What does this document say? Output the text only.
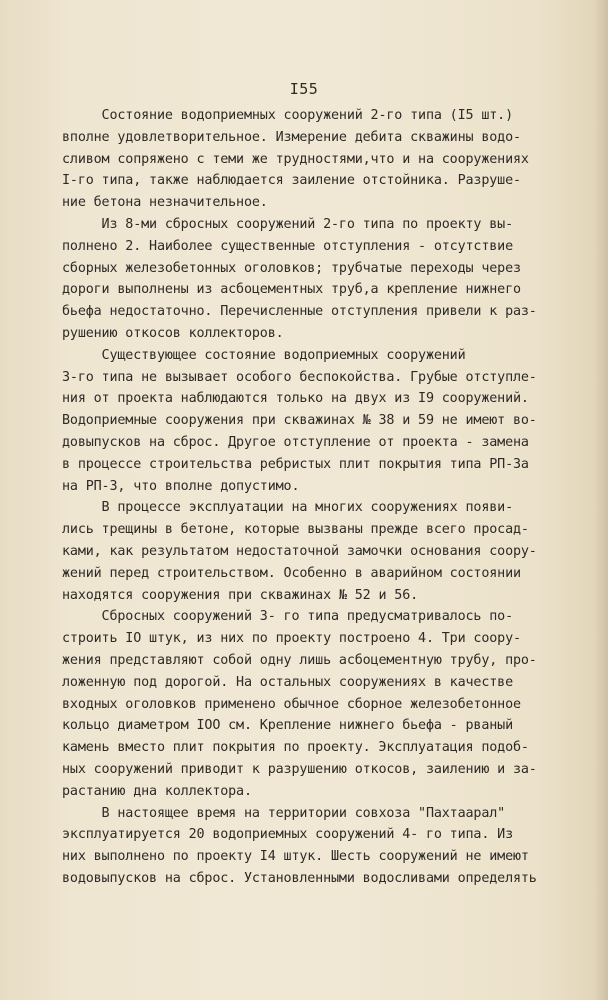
I55
Состояние водоприемных сооружений 2-го типа (I5 шт.)
вполне удовлетворительное. Измерение дебита скважины водо-
сливом сопряжено с теми же трудностями,что и на сооружениях
I-го типа, также наблюдается заиление отстойника. Разруше-
ние бетона незначительное.
Из 8-ми сбросных сооружений 2-го типа по проекту вы-
полнено 2. Наиболее существенные отступления - отсутствие
сборных железобетонных оголовков; трубчатые переходы через
дороги выполнены из асбоцементных труб,а крепление нижнего
бьефа недостаточно. Перечисленные отступления привели к раз-
рушению откосов коллекторов.
Существующее состояние водоприемных сооружений
3-го типа не вызывает особого беспокойства. Грубые отступле-
ния от проекта наблюдаются только на двух из I9 сооружений.
Водоприемные сооружения при скважинах № 38 и 59 не имеют во-
довыпусков на сброс. Другое отступление от проекта - замена
в процессе строительства ребристых плит покрытия типа РП-3а
на РП-3, что вполне допустимо.
В процессе эксплуатации на многих сооружениях появи-
лись трещины в бетоне, которые вызваны прежде всего просад-
ками, как результатом недостаточной замочки основания соору-
жений перед строительством. Особенно в аварийном состоянии
находятся сооружения при скважинах № 52 и 56.
Сбросных сооружений 3- го типа предусматривалось по-
строить IO штук, из них по проекту построено 4. Три соору-
жения представляют собой одну лишь асбоцементную трубу, про-
ложенную под дорогой. На остальных сооружениях в качестве
входных оголовков применено обычное сборное железобетонное
кольцо диаметром IOO см. Крепление нижнего бьефа - рваный
камень вместо плит покрытия по проекту. Эксплуатация подоб-
ных сооружений приводит к разрушению откосов, заилению и за-
растанию дна коллектора.
В настоящее время на территории совхоза "Пахтаарал"
эксплуатируется 20 водоприемных сооружений 4- го типа. Из
них выполнено по проекту I4 штук. Шесть сооружений не имеют
водовыпусков на сброс. Установленными водосливами определять
